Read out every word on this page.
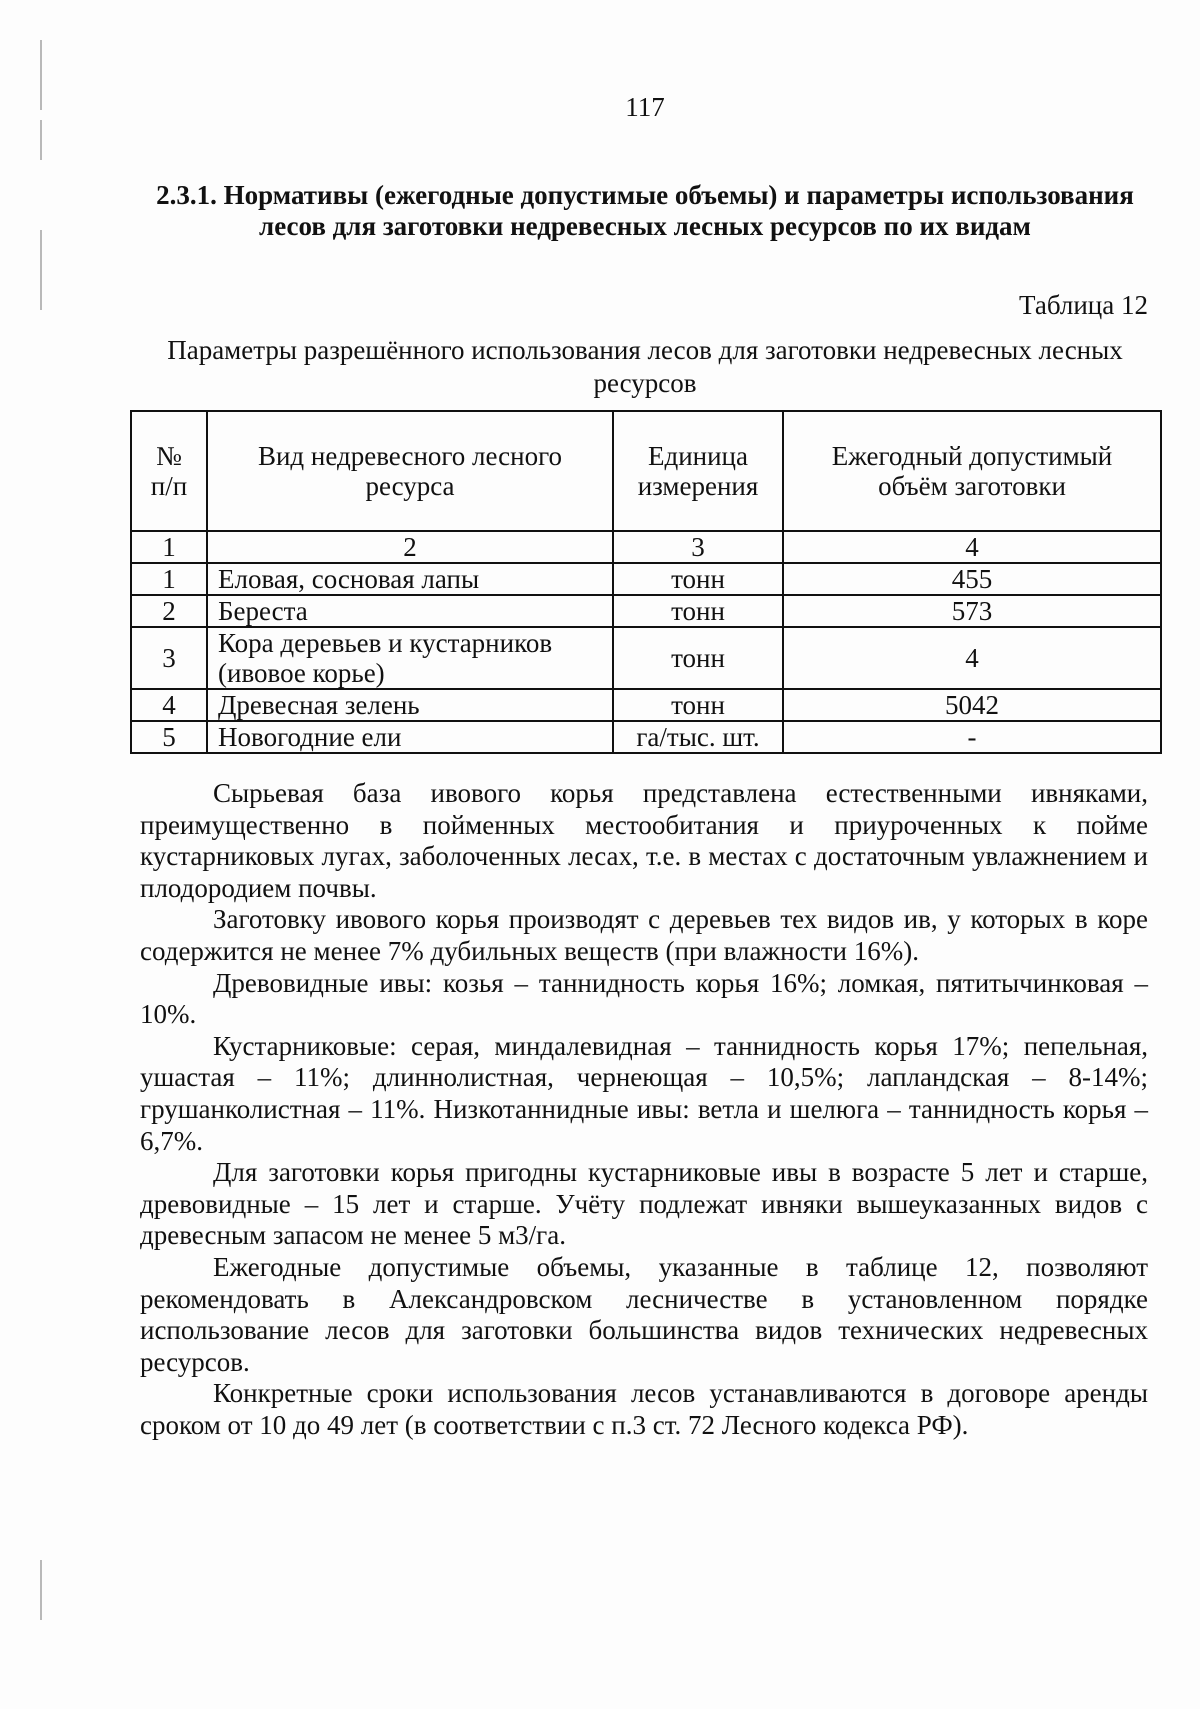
117
2.3.1. Нормативы (ежегодные допустимые объемы) и параметры использования лесов для заготовки недревесных лесных ресурсов по их видам
Таблица 12
Параметры разрешённого использования лесов для заготовки недревесных лесных ресурсов
№ п/п	Вид недревесного лесного ресурса	Единица измерения	Ежегодный допустимый объём заготовки
1	2	3	4
1	Еловая, сосновая лапы	тонн	455
2	Береста	тонн	573
3	Кора деревьев и кустарников (ивовое корье)	тонн	4
4	Древесная зелень	тонн	5042
5	Новогодние ели	га/тыс. шт.	-

Сырьевая база ивового корья представлена естественными ивняками, преимущественно в пойменных местообитания и приуроченных к пойме кустарниковых лугах, заболоченных лесах, т.е. в местах с достаточным увлажнением и плодородием почвы.

Заготовку ивового корья производят с деревьев тех видов ив, у которых в коре содержится не менее 7% дубильных веществ (при влажности 16%).

Древовидные ивы: козья – таннидность корья 16%; ломкая, пятитычинковая – 10%.

Кустарниковые: серая, миндалевидная – таннидность корья 17%; пепельная, ушастая – 11%; длиннолистная, чернеющая – 10,5%; лапландская – 8-14%; грушанколистная – 11%. Низкотаннидные ивы: ветла и шелюга – таннидность корья – 6,7%.

Для заготовки корья пригодны кустарниковые ивы в возрасте 5 лет и старше, древовидные – 15 лет и старше. Учёту подлежат ивняки вышеуказанных видов с древесным запасом не менее 5 м3/га.

Ежегодные допустимые объемы, указанные в таблице 12, позволяют рекомендовать в Александровском лесничестве в установленном порядке использование лесов для заготовки большинства видов технических недревесных ресурсов.

Конкретные сроки использования лесов устанавливаются в договоре аренды сроком от 10 до 49 лет (в соответствии с п.3 ст. 72 Лесного кодекса РФ).
